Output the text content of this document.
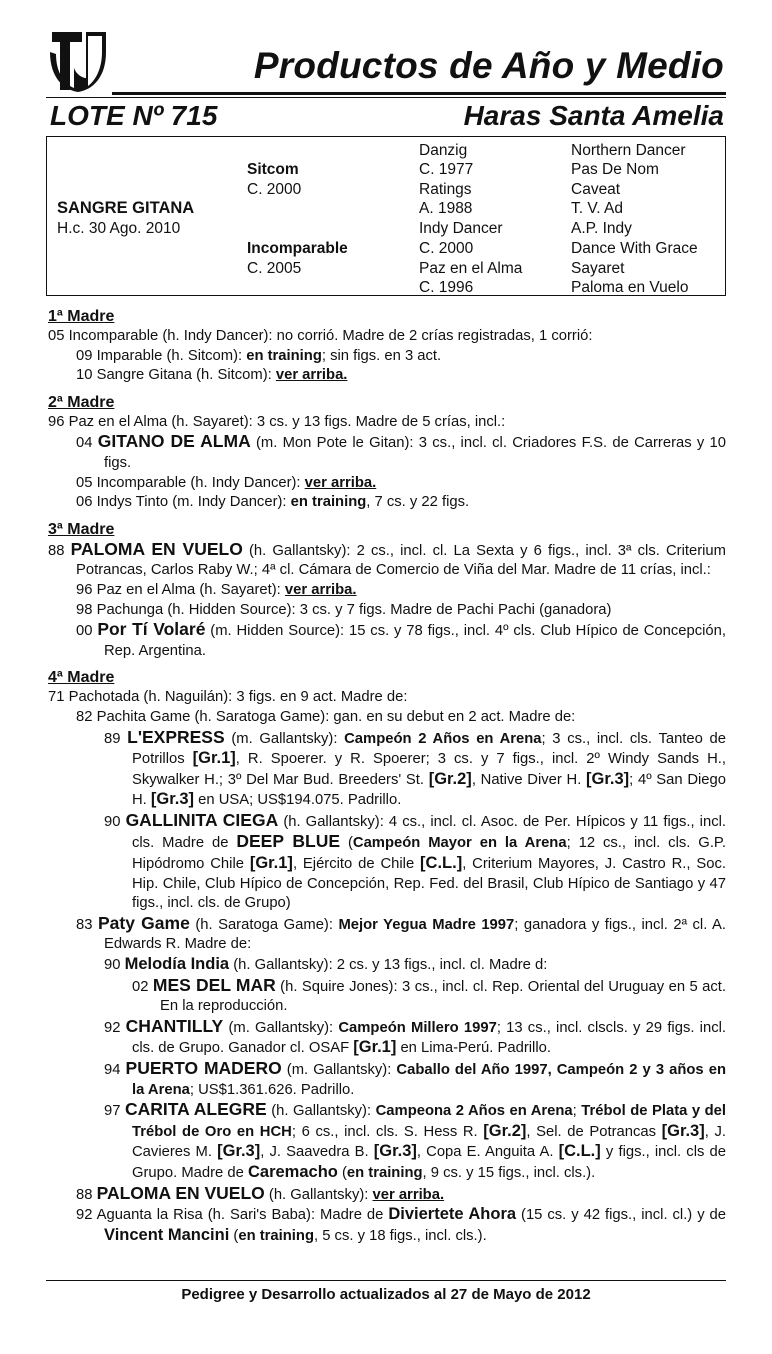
Productos de Año y Medio
LOTE Nº 715	Haras Santa Amelia
SANGRE GITANA
H.c. 30 Ago. 2010
Sitcom
C. 2000
Incomparable
C. 2005
Danzig
C. 1977
Ratings
A. 1988
Indy Dancer
C. 2000
Paz en el Alma
C. 1996
Northern Dancer
Pas De Nom
Caveat
T. V. Ad
A.P. Indy
Dance With Grace
Sayaret
Paloma en Vuelo
1ª Madre
05 Incomparable (h. Indy Dancer): no corrió. Madre de 2 crías registradas, 1 corrió:
09 Imparable (h. Sitcom): en training; sin figs. en 3 act.
10 Sangre Gitana (h. Sitcom): ver arriba.
2ª Madre
96 Paz en el Alma (h. Sayaret): 3 cs. y 13 figs. Madre de 5 crías, incl.:
04 GITANO DE ALMA (m. Mon Pote le Gitan): 3 cs., incl. cl. Criadores F.S. de Carreras y 10 figs.
05 Incomparable (h. Indy Dancer): ver arriba.
06 Indys Tinto (m. Indy Dancer): en training, 7 cs. y 22 figs.
3ª Madre
88 PALOMA EN VUELO (h. Gallantsky): 2 cs., incl. cl. La Sexta y 6 figs., incl. 3ª cls. Criterium Potrancas, Carlos Raby W.; 4ª cl. Cámara de Comercio de Viña del Mar. Madre de 11 crías, incl.:
96 Paz en el Alma (h. Sayaret): ver arriba.
98 Pachunga (h. Hidden Source): 3 cs. y 7 figs. Madre de Pachi Pachi (ganadora)
00 Por Tí Volaré (m. Hidden Source): 15 cs. y 78 figs., incl. 4º cls. Club Hípico de Concepción, Rep. Argentina.
4ª Madre
71 Pachotada (h. Naguilán): 3 figs. en 9 act. Madre de:
82 Pachita Game (h. Saratoga Game): gan. en su debut en 2 act. Madre de:
89 L'EXPRESS (m. Gallantsky): Campeón 2 Años en Arena; 3 cs., incl. cls. Tanteo de Potrillos [Gr.1], R. Spoerer. y R. Spoerer; 3 cs. y 7 figs., incl. 2º Windy Sands H., Skywalker H.; 3º Del Mar Bud. Breeders' St. [Gr.2], Native Diver H. [Gr.3]; 4º San Diego H. [Gr.3] en USA; US$194.075. Padrillo.
90 GALLINITA CIEGA (h. Gallantsky): 4 cs., incl. cl. Asoc. de Per. Hípicos y 11 figs., incl. cls. Madre de DEEP BLUE (Campeón Mayor en la Arena; 12 cs., incl. cls. G.P. Hipódromo Chile [Gr.1], Ejército de Chile [C.L.], Criterium Mayores, J. Castro R., Soc. Hip. Chile, Club Hípico de Concepción, Rep. Fed. del Brasil, Club Hípico de Santiago y 47 figs., incl. cls. de Grupo)
83 Paty Game (h. Saratoga Game): Mejor Yegua Madre 1997; ganadora y figs., incl. 2ª cl. A. Edwards R. Madre de:
90 Melodía India (h. Gallantsky): 2 cs. y 13 figs., incl. cl. Madre d:
02 MES DEL MAR (h. Squire Jones): 3 cs., incl. cl. Rep. Oriental del Uruguay en 5 act. En la reproducción.
92 CHANTILLY (m. Gallantsky): Campeón Millero 1997; 13 cs., incl. clscls. y 29 figs. incl. cls. de Grupo. Ganador cl. OSAF [Gr.1] en Lima-Perú. Padrillo.
94 PUERTO MADERO (m. Gallantsky): Caballo del Año 1997, Campeón 2 y 3 años en la Arena; US$1.361.626. Padrillo.
97 CARITA ALEGRE (h. Gallantsky): Campeona 2 Años en Arena; Trébol de Plata y del Trébol de Oro en HCH; 6 cs., incl. cls. S. Hess R. [Gr.2], Sel. de Potrancas [Gr.3], J. Cavieres M. [Gr.3], J. Saavedra B. [Gr.3], Copa E. Anguita A. [C.L.] y figs., incl. cls de Grupo. Madre de Caremacho (en training, 9 cs. y 15 figs., incl. cls.).
88 PALOMA EN VUELO (h. Gallantsky): ver arriba.
92 Aguanta la Risa (h. Sari's Baba): Madre de Diviertete Ahora (15 cs. y 42 figs., incl. cl.) y de Vincent Mancini (en training, 5 cs. y 18 figs., incl. cls.).
Pedigree y Desarrollo actualizados al 27 de Mayo de 2012
